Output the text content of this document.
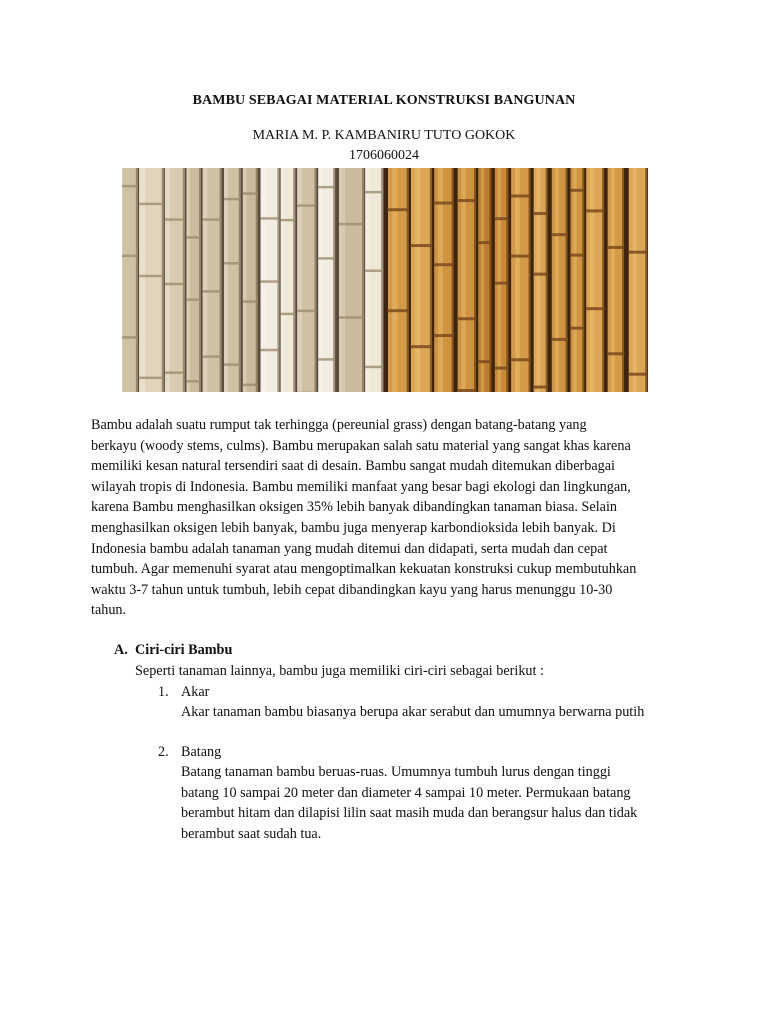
BAMBU SEBAGAI MATERIAL KONSTRUKSI BANGUNAN
MARIA M. P. KAMBANIRU TUTO GOKOK
1706060024

Bambu adalah suatu rumput tak terhingga (pereunial grass) dengan batang-batang yang
berkayu (woody stems, culms). Bambu merupakan salah satu material yang sangat khas karena
memiliki kesan natural tersendiri saat di desain. Bambu sangat mudah ditemukan diberbagai
wilayah tropis di Indonesia. Bambu memiliki manfaat yang besar bagi ekologi dan lingkungan,
karena Bambu menghasilkan oksigen 35% lebih banyak dibandingkan tanaman biasa. Selain
menghasilkan oksigen lebih banyak, bambu juga menyerap karbondioksida lebih banyak. Di
Indonesia bambu adalah tanaman yang mudah ditemui dan didapati, serta mudah dan cepat
tumbuh. Agar memenuhi syarat atau mengoptimalkan kekuatan konstruksi cukup membutuhkan
waktu 3-7 tahun untuk tumbuh, lebih cepat dibandingkan kayu yang harus menunggu 10-30
tahun.

A. Ciri-ciri Bambu
Seperti tanaman lainnya, bambu juga memiliki ciri-ciri sebagai berikut :
1. Akar
Akar tanaman bambu biasanya berupa akar serabut dan umumnya berwarna putih
2. Batang
Batang tanaman bambu beruas-ruas. Umumnya tumbuh lurus dengan tinggi
batang 10 sampai 20 meter dan diameter 4 sampai 10 meter. Permukaan batang
berambut hitam dan dilapisi lilin saat masih muda dan berangsur halus dan tidak
berambut saat sudah tua.
